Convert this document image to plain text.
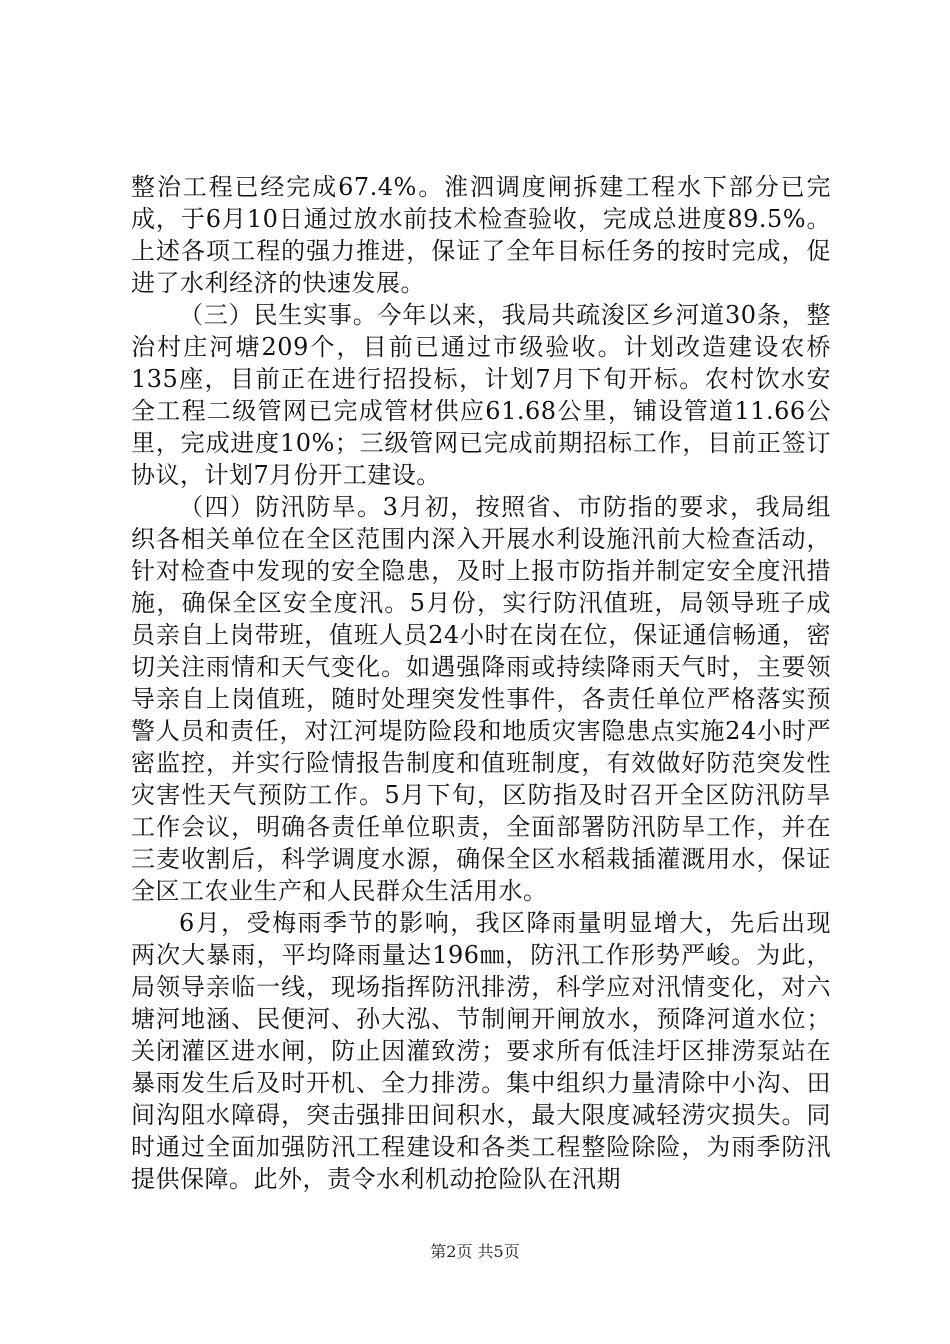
整治工程已经完成67.4%。淮泗调度闸拆建工程水下部分已完成，于6月10日通过放水前技术检查验收，完成总进度89.5%。上述各项工程的强力推进，保证了全年目标任务的按时完成，促进了水利经济的快速发展。

（三）民生实事。今年以来，我局共疏浚区乡河道30条，整治村庄河塘209个，目前已通过市级验收。计划改造建设农桥135座，目前正在进行招投标，计划7月下旬开标。农村饮水安全工程二级管网已完成管材供应61.68公里，铺设管道11.66公里，完成进度10%；三级管网已完成前期招标工作，目前正签订协议，计划7月份开工建设。

（四）防汛防旱。3月初，按照省、市防指的要求，我局组织各相关单位在全区范围内深入开展水利设施汛前大检查活动，针对检查中发现的安全隐患，及时上报市防指并制定安全度汛措施，确保全区安全度汛。5月份，实行防汛值班，局领导班子成员亲自上岗带班，值班人员24小时在岗在位，保证通信畅通，密切关注雨情和天气变化。如遇强降雨或持续降雨天气时，主要领导亲自上岗值班，随时处理突发性事件，各责任单位严格落实预警人员和责任，对江河堤防险段和地质灾害隐患点实施24小时严密监控，并实行险情报告制度和值班制度，有效做好防范突发性灾害性天气预防工作。5月下旬，区防指及时召开全区防汛防旱工作会议，明确各责任单位职责，全面部署防汛防旱工作，并在三麦收割后，科学调度水源，确保全区水稻栽插灌溉用水，保证全区工农业生产和人民群众生活用水。

6月，受梅雨季节的影响，我区降雨量明显增大，先后出现两次大暴雨，平均降雨量达196㎜，防汛工作形势严峻。为此，局领导亲临一线，现场指挥防汛排涝，科学应对汛情变化，对六塘河地涵、民便河、孙大泓、节制闸开闸放水，预降河道水位；关闭灌区进水闸，防止因灌致涝；要求所有低洼圩区排涝泵站在暴雨发生后及时开机、全力排涝。集中组织力量清除中小沟、田间沟阻水障碍，突击强排田间积水，最大限度减轻涝灾损失。同时通过全面加强防汛工程建设和各类工程整险除险，为雨季防汛提供保障。此外，责令水利机动抢险队在汛期

第2页 共5页
